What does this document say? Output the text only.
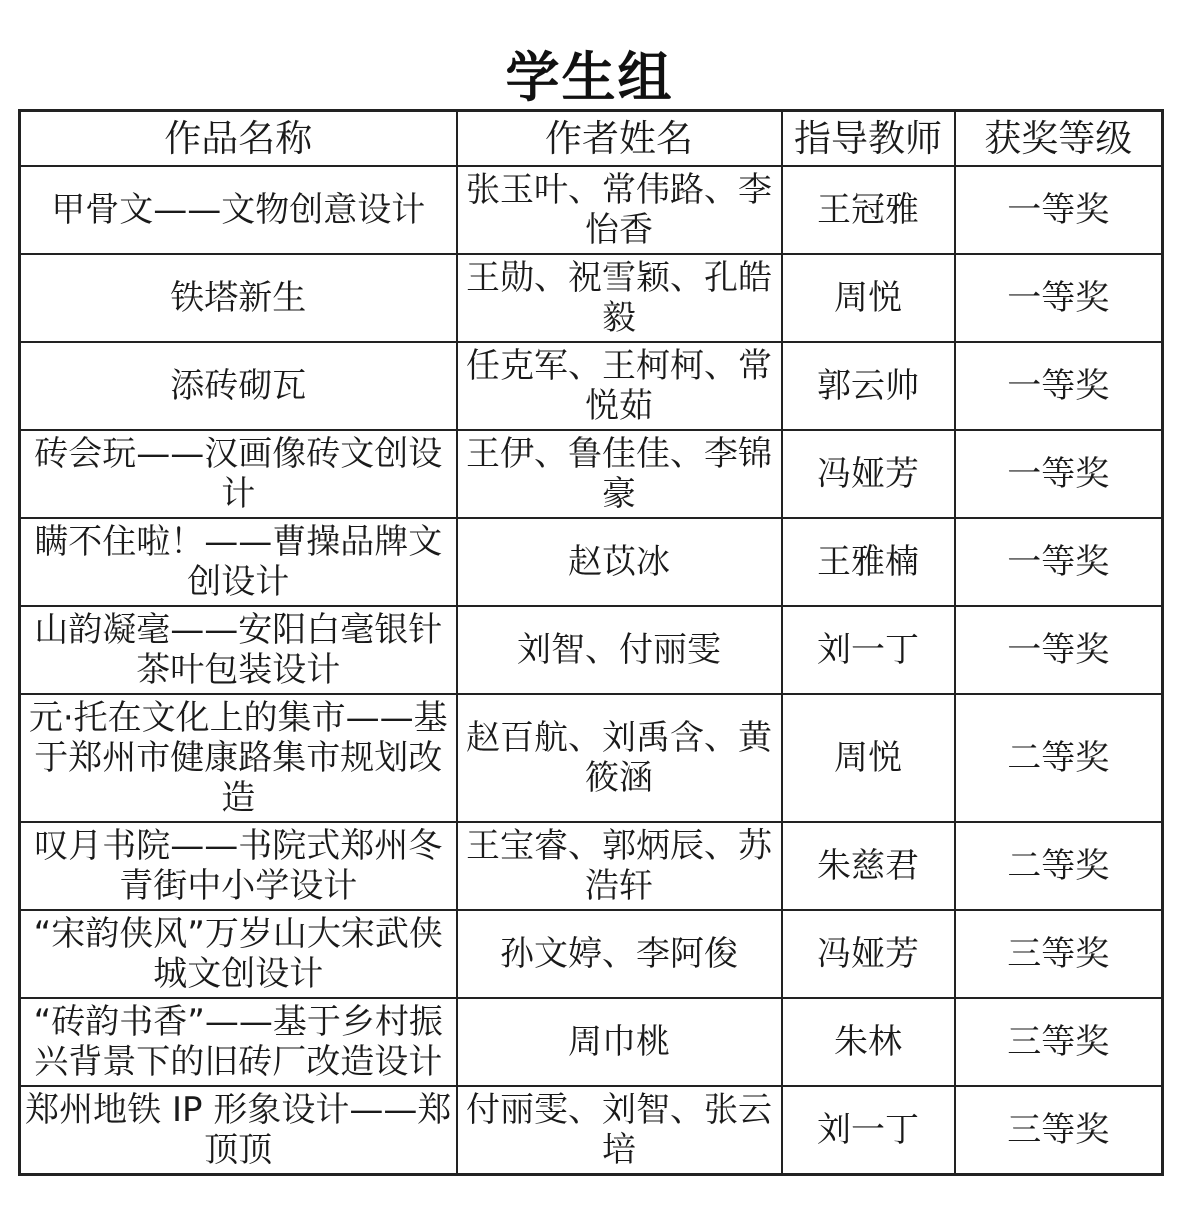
学生组
作品名称	作者姓名	指导教师	获奖等级
甲骨文——文物创意设计	张玉叶、常伟路、李怡香	王冠雅	一等奖
铁塔新生	王勋、祝雪颖、孔皓毅	周悦	一等奖
添砖砌瓦	任克军、王柯柯、常悦茹	郭云帅	一等奖
砖会玩——汉画像砖文创设计	王伊、鲁佳佳、李锦豪	冯娅芳	一等奖
瞒不住啦！——曹操品牌文创设计	赵苡冰	王雅楠	一等奖
山韵凝毫——安阳白毫银针茶叶包装设计	刘智、付丽雯	刘一丁	一等奖
元·托在文化上的集市——基于郑州市健康路集市规划改造	赵百航、刘禹含、黄筱涵	周悦	二等奖
叹月书院——书院式郑州冬青街中小学设计	王宝睿、郭炳辰、苏浩轩	朱慈君	二等奖
“宋韵侠风”万岁山大宋武侠城文创设计	孙文婷、李阿俊	冯娅芳	三等奖
“砖韵书香”——基于乡村振兴背景下的旧砖厂改造设计	周巾桃	朱林	三等奖
郑州地铁 IP 形象设计——郑顶顶	付丽雯、刘智、张云培	刘一丁	三等奖
